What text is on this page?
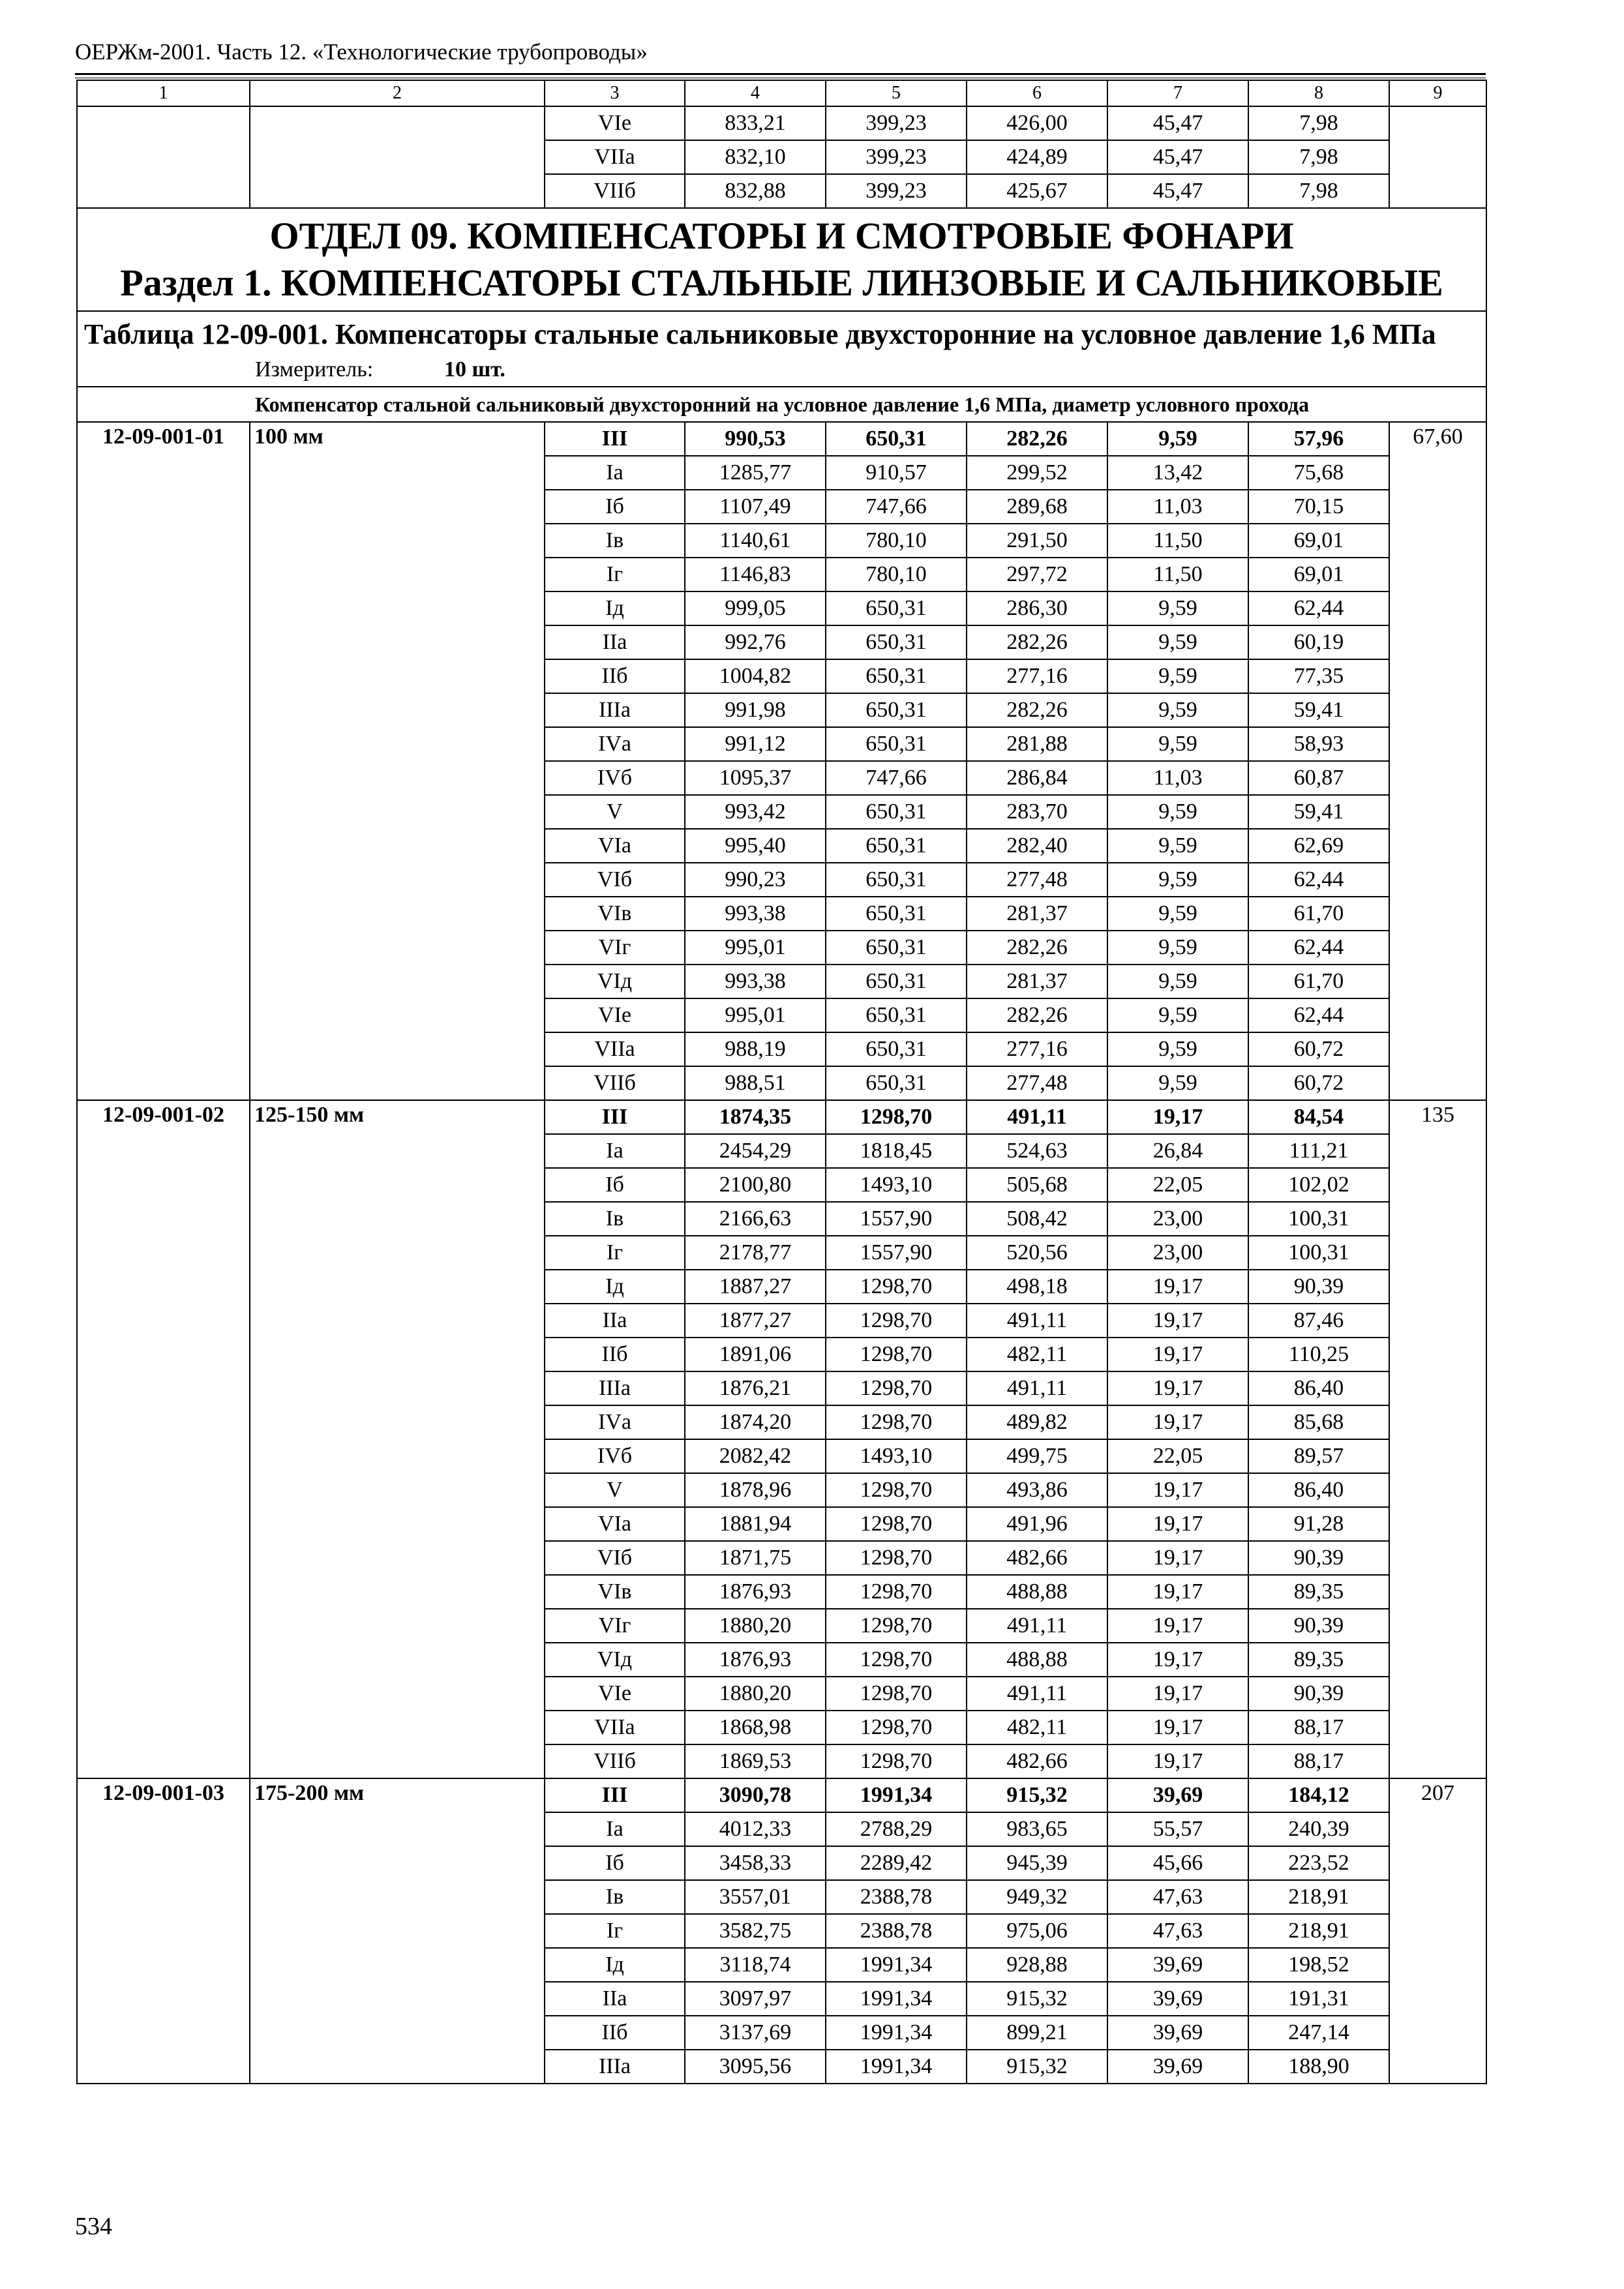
ОЕРЖм-2001. Часть 12. «Технологические трубопроводы»
1	2	3	4	5	6	7	8	9
		VIе	833,21	399,23	426,00	45,47	7,98	
		VIIа	832,10	399,23	424,89	45,47	7,98	
		VIIб	832,88	399,23	425,67	45,47	7,98	

ОТДЕЛ 09. КОМПЕНСАТОРЫ И СМОТРОВЫЕ ФОНАРИ
Раздел 1. КОМПЕНСАТОРЫ СТАЛЬНЫЕ ЛИНЗОВЫЕ И САЛЬНИКОВЫЕ								

Таблица 12-09-001. Компенсаторы стальные сальниковые двухсторонние на условное давление 1,6 МПа								
	Измеритель: 10 шт.							
	Компенсатор стальной сальниковый двухсторонний на условное давление 1,6 МПа, диаметр условного прохода							
12-09-001-01	100 мм	III	990,53	650,31	282,26	9,59	57,96	67,60
		Iа	1285,77	910,57	299,52	13,42	75,68	
		Iб	1107,49	747,66	289,68	11,03	70,15	
		Iв	1140,61	780,10	291,50	11,50	69,01	
		Iг	1146,83	780,10	297,72	11,50	69,01	
		Iд	999,05	650,31	286,30	9,59	62,44	
		IIа	992,76	650,31	282,26	9,59	60,19	
		IIб	1004,82	650,31	277,16	9,59	77,35	
		IIIа	991,98	650,31	282,26	9,59	59,41	
		IVа	991,12	650,31	281,88	9,59	58,93	
		IVб	1095,37	747,66	286,84	11,03	60,87	
		V	993,42	650,31	283,70	9,59	59,41	
		VIа	995,40	650,31	282,40	9,59	62,69	
		VIб	990,23	650,31	277,48	9,59	62,44	
		VIв	993,38	650,31	281,37	9,59	61,70	
		VIг	995,01	650,31	282,26	9,59	62,44	
		VIд	993,38	650,31	281,37	9,59	61,70	
		VIе	995,01	650,31	282,26	9,59	62,44	
		VIIа	988,19	650,31	277,16	9,59	60,72	
		VIIб	988,51	650,31	277,48	9,59	60,72	
12-09-001-02	125-150 мм	III	1874,35	1298,70	491,11	19,17	84,54	135
		Iа	2454,29	1818,45	524,63	26,84	111,21	
		Iб	2100,80	1493,10	505,68	22,05	102,02	
		Iв	2166,63	1557,90	508,42	23,00	100,31	
		Iг	2178,77	1557,90	520,56	23,00	100,31	
		Iд	1887,27	1298,70	498,18	19,17	90,39	
		IIа	1877,27	1298,70	491,11	19,17	87,46	
		IIб	1891,06	1298,70	482,11	19,17	110,25	
		IIIа	1876,21	1298,70	491,11	19,17	86,40	
		IVа	1874,20	1298,70	489,82	19,17	85,68	
		IVб	2082,42	1493,10	499,75	22,05	89,57	
		V	1878,96	1298,70	493,86	19,17	86,40	
		VIа	1881,94	1298,70	491,96	19,17	91,28	
		VIб	1871,75	1298,70	482,66	19,17	90,39	
		VIв	1876,93	1298,70	488,88	19,17	89,35	
		VIг	1880,20	1298,70	491,11	19,17	90,39	
		VIд	1876,93	1298,70	488,88	19,17	89,35	
		VIе	1880,20	1298,70	491,11	19,17	90,39	
		VIIа	1868,98	1298,70	482,11	19,17	88,17	
		VIIб	1869,53	1298,70	482,66	19,17	88,17	
12-09-001-03	175-200 мм	III	3090,78	1991,34	915,32	39,69	184,12	207
		Iа	4012,33	2788,29	983,65	55,57	240,39	
		Iб	3458,33	2289,42	945,39	45,66	223,52	
		Iв	3557,01	2388,78	949,32	47,63	218,91	
		Iг	3582,75	2388,78	975,06	47,63	218,91	
		Iд	3118,74	1991,34	928,88	39,69	198,52	
		IIа	3097,97	1991,34	915,32	39,69	191,31	
		IIб	3137,69	1991,34	899,21	39,69	247,14	
		IIIа	3095,56	1991,34	915,32	39,69	188,90	
534
